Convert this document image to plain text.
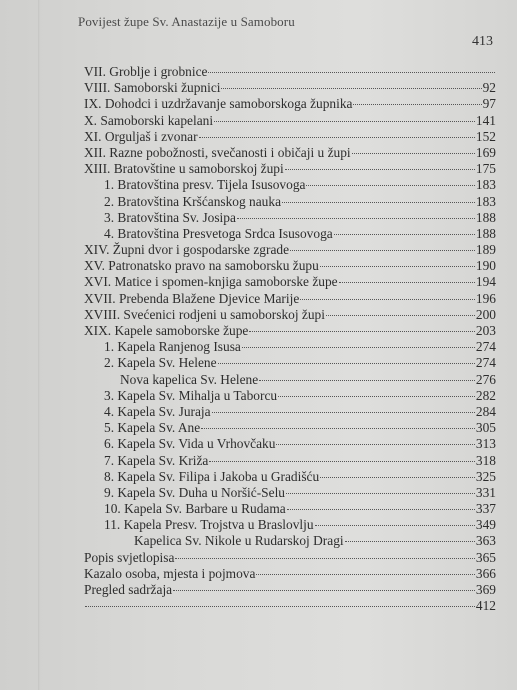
Povijest župe Sv. Anastazije u Samoboru
413
VII. Groblje i grobnice
VIII. Samoborski župnici	92
IX. Dohodci i uzdržavanje samoborskoga župnika	97
X. Samoborski kapelani	141
XI. Orguljaš i zvonar	152
XII. Razne pobožnosti, svečanosti i običaji u župi	169
XIII. Bratovštine u samoborskoj župi	175
1. Bratovština presv. Tijela Isusovoga	183
2. Bratovština Kršćanskog nauka	183
3. Bratovština Sv. Josipa	188
4. Bratovština Presvetoga Srdca Isusovoga	188
XIV. Župni dvor i gospodarske zgrade	189
XV. Patronatsko pravo na samoborsku župu	190
XVI. Matice i spomen-knjiga samoborske župe	194
XVII. Prebenda Blažene Djevice Marije	196
XVIII. Svećenici rodjeni u samoborskoj župi	200
XIX. Kapele samoborske župe	203
1. Kapela Ranjenog Isusa	274
2. Kapela Sv. Helene	274
Nova kapelica Sv. Helene	276
3. Kapela Sv. Mihalja u Taborcu	282
4. Kapela Sv. Juraja	284
5. Kapela Sv. Ane	305
6. Kapela Sv. Vida u Vrhovčaku	313
7. Kapela Sv. Križa	318
8. Kapela Sv. Filipa i Jakoba u Gradišću	325
9. Kapela Sv. Duha u Noršić-Selu	331
10. Kapela Sv. Barbare u Rudama	337
11. Kapela Presv. Trojstva u Braslovlju	349
Kapelica Sv. Nikole u Rudarskoj Dragi	363
Popis svjetlopisa	365
Kazalo osoba, mjesta i pojmova	366
Pregled sadržaja	369
412
